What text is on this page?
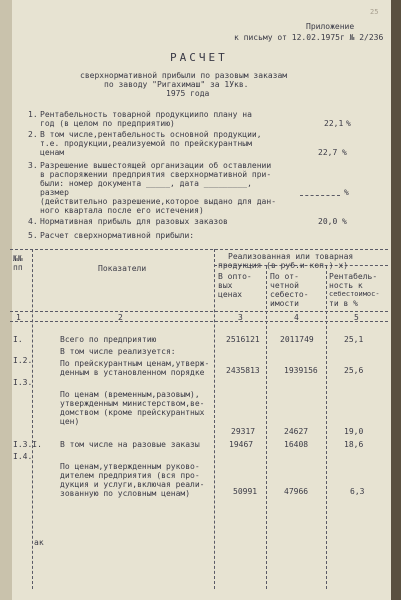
25
Приложение
к письму от 12.02.1975г № 2/236
РАСЧЕТ
сверхнормативной прибыли по разовым заказам
по заводу "Ригахимаш" за 1Укв.
1975 года
1. Рентабельность товарной продукциипо плану на
год (в целом по предприятию)	22,1 %
2. В том числе,рентабельность основной продукции,
т.е. продукции,реализуемой по прейскурантным
ценам	22,7 %
3. Разрешение вышестоящей организации об оставлении
в распоряжении предприятия сверхнормативной при-
были: номер документа _____, дата _________,
размер
(действительно разрешение,которое выдано для дан-
ного квартала после его истечения)
%
4. Нормативная прибыль для разовых заказов	20,0 %
5. Расчет сверхнормативной прибыли:
№№
пп	Показатели
Реализованная или товарная
продукция (в руб.и коп.) х)
В опто-
вых
ценах
По от-
четной
себесто-
имости
Рентабель-
ность к
себестоимос-
ти в %
1	2	3	4	5
I.	Всего по предприятию	2516121	2011749	25,1
В том числе реализуется:
I.2.	По прейскурантным ценам,утверж-
денным в установленном порядке	2435813	1939156	25,6
I.3.
По ценам (временным,разовым),
утвержденным министерством,ве-
домством (кроме прейскурантных
цен)
29317	24627	19,0
I.3.I. В том числе на разовые заказы	19467	16408	18,6
I.4.
По ценам,утвержденным руково-
дителем предприятия (вся про-
дукция и услуги,включая реали-
зованную по условным ценам)	50991	47966	6,3
ак
